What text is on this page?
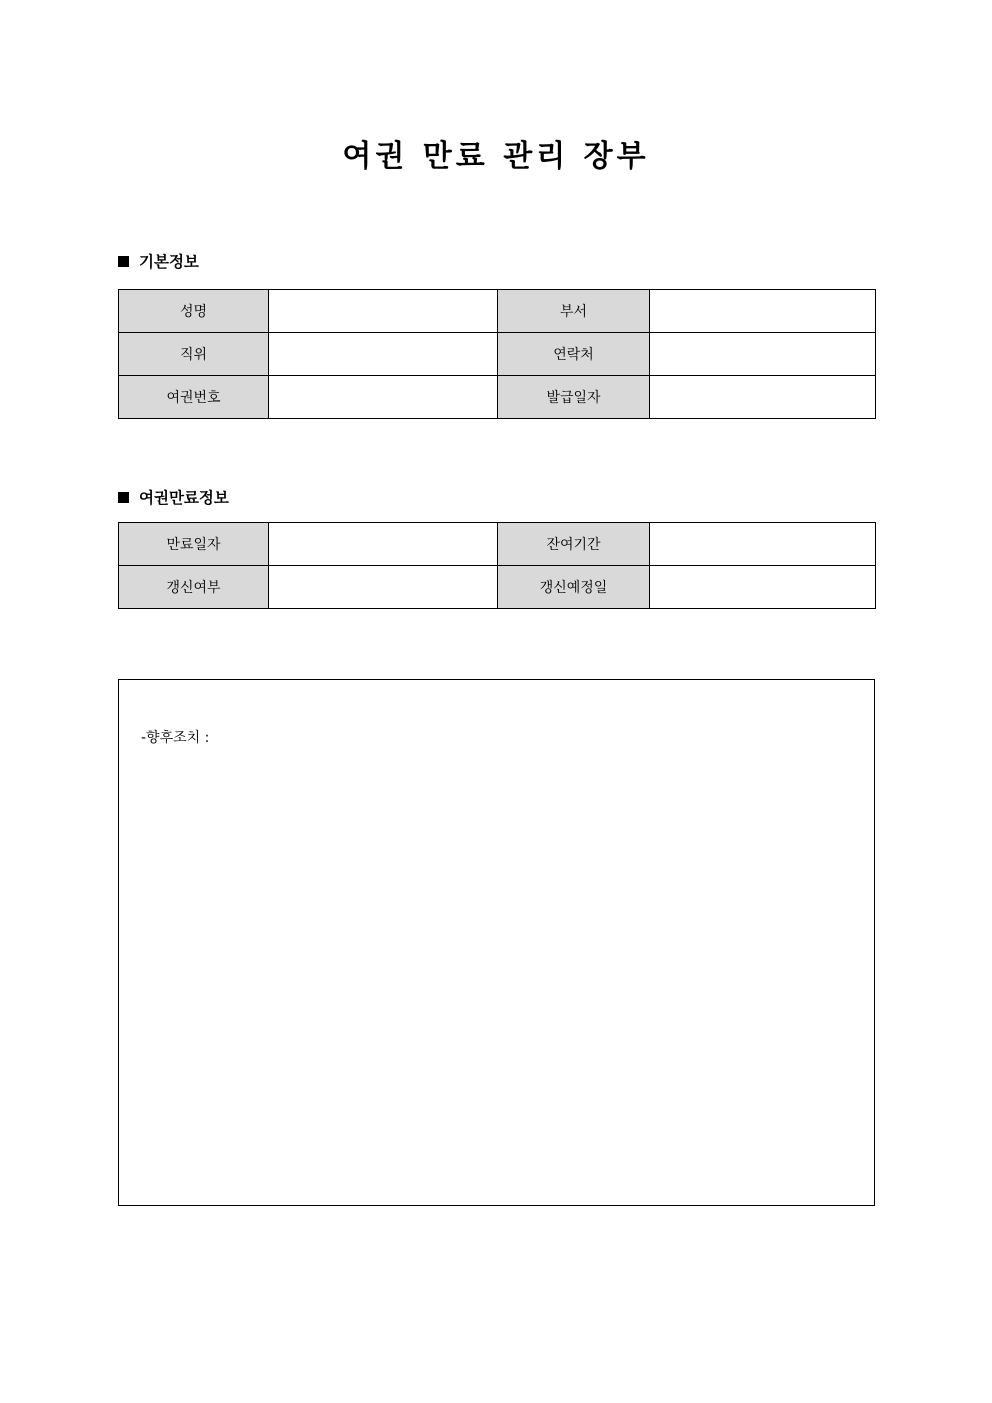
여권 만료 관리 장부
기본정보
성명		부서	
직위		연락처	
여권번호		발급일자	
여권만료정보
만료일자		잔여기간	
갱신여부		갱신예정일	
-향후조치 :
